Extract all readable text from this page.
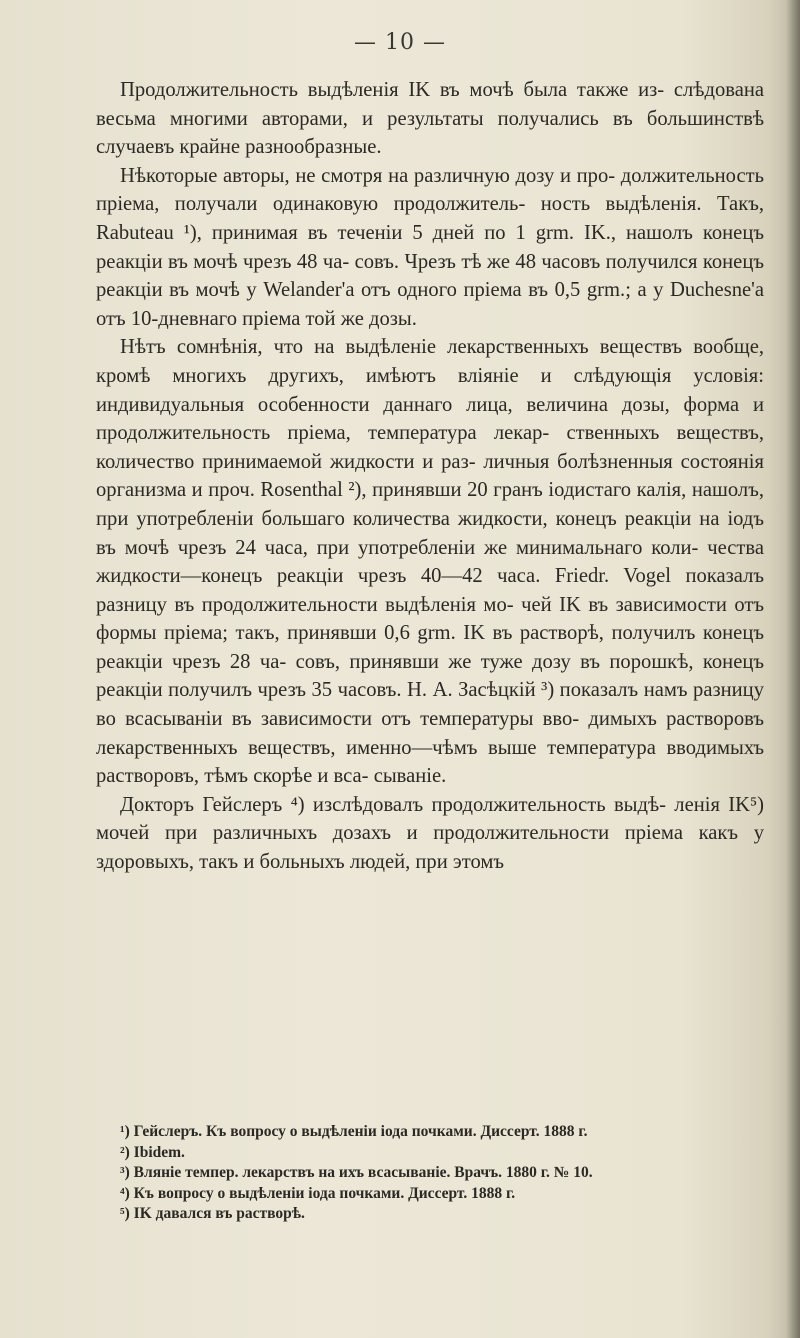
— 10 —

Продолжительность выдѣленія IK въ мочѣ была также из- слѣдована весьма многими авторами, и результаты получались въ большинствѣ случаевъ крайне разнообразные.

Нѣкоторые авторы, не смотря на различную дозу и про- должительность пріема, получали одинаковую продолжитель- ность выдѣленія. Такъ, Rabuteau ¹), принимая въ теченіи 5 дней по 1 grm. IK., нашолъ конецъ реакціи въ мочѣ чрезъ 48 ча- совъ. Чрезъ тѣ же 48 часовъ получился конецъ реакціи въ мочѣ у Welander'а отъ одного пріема въ 0,5 grm.; а у Duchesne'а отъ 10-дневнаго пріема той же дозы.

Нѣтъ сомнѣнія, что на выдѣленіе лекарственныхъ веществъ вообще, кромѣ многихъ другихъ, имѣютъ вліяніе и слѣдующія условія: индивидуальныя особенности даннаго лица, величина дозы, форма и продолжительность пріема, температура лекар- ственныхъ веществъ, количество принимаемой жидкости и раз- личныя болѣзненныя состоянія организма и проч. Rosenthal ²), принявши 20 гранъ іодистаго калія, нашолъ, при употребленіи большаго количества жидкости, конецъ реакціи на іодъ въ мочѣ чрезъ 24 часа, при употребленіи же минимальнаго коли- чества жидкости—конецъ реакціи чрезъ 40—42 часа. Friedr. Vogel показалъ разницу въ продолжительности выдѣленія мо- чей IK въ зависимости отъ формы пріема; такъ, принявши 0,6 grm. IK въ растворѣ, получилъ конецъ реакціи чрезъ 28 ча- совъ, принявши же туже дозу въ порошкѣ, конецъ реакціи получилъ чрезъ 35 часовъ. Н. А. Засѣцкій ³) показалъ намъ разницу во всасываніи въ зависимости отъ температуры вво- димыхъ растворовъ лекарственныхъ веществъ, именно—чѣмъ выше температура вводимыхъ растворовъ, тѣмъ скорѣе и вса- сываніе.

Докторъ Гейслеръ ⁴) изслѣдовалъ продолжительность выдѣ- ленія IK⁵) мочей при различныхъ дозахъ и продолжительности пріема какъ у здоровыхъ, такъ и больныхъ людей, при этомъ

¹) Гейслеръ. Къ вопросу о выдѣленіи іода почками. Диссерт. 1888 г.

²) Ibidem.

³) Вляніе темпер. лекарствъ на ихъ всасываніе. Врачъ. 1880 г. № 10.

⁴) Къ вопросу о выдѣленіи іода почками. Диссерт. 1888 г.

⁵) IK давался въ растворѣ.
